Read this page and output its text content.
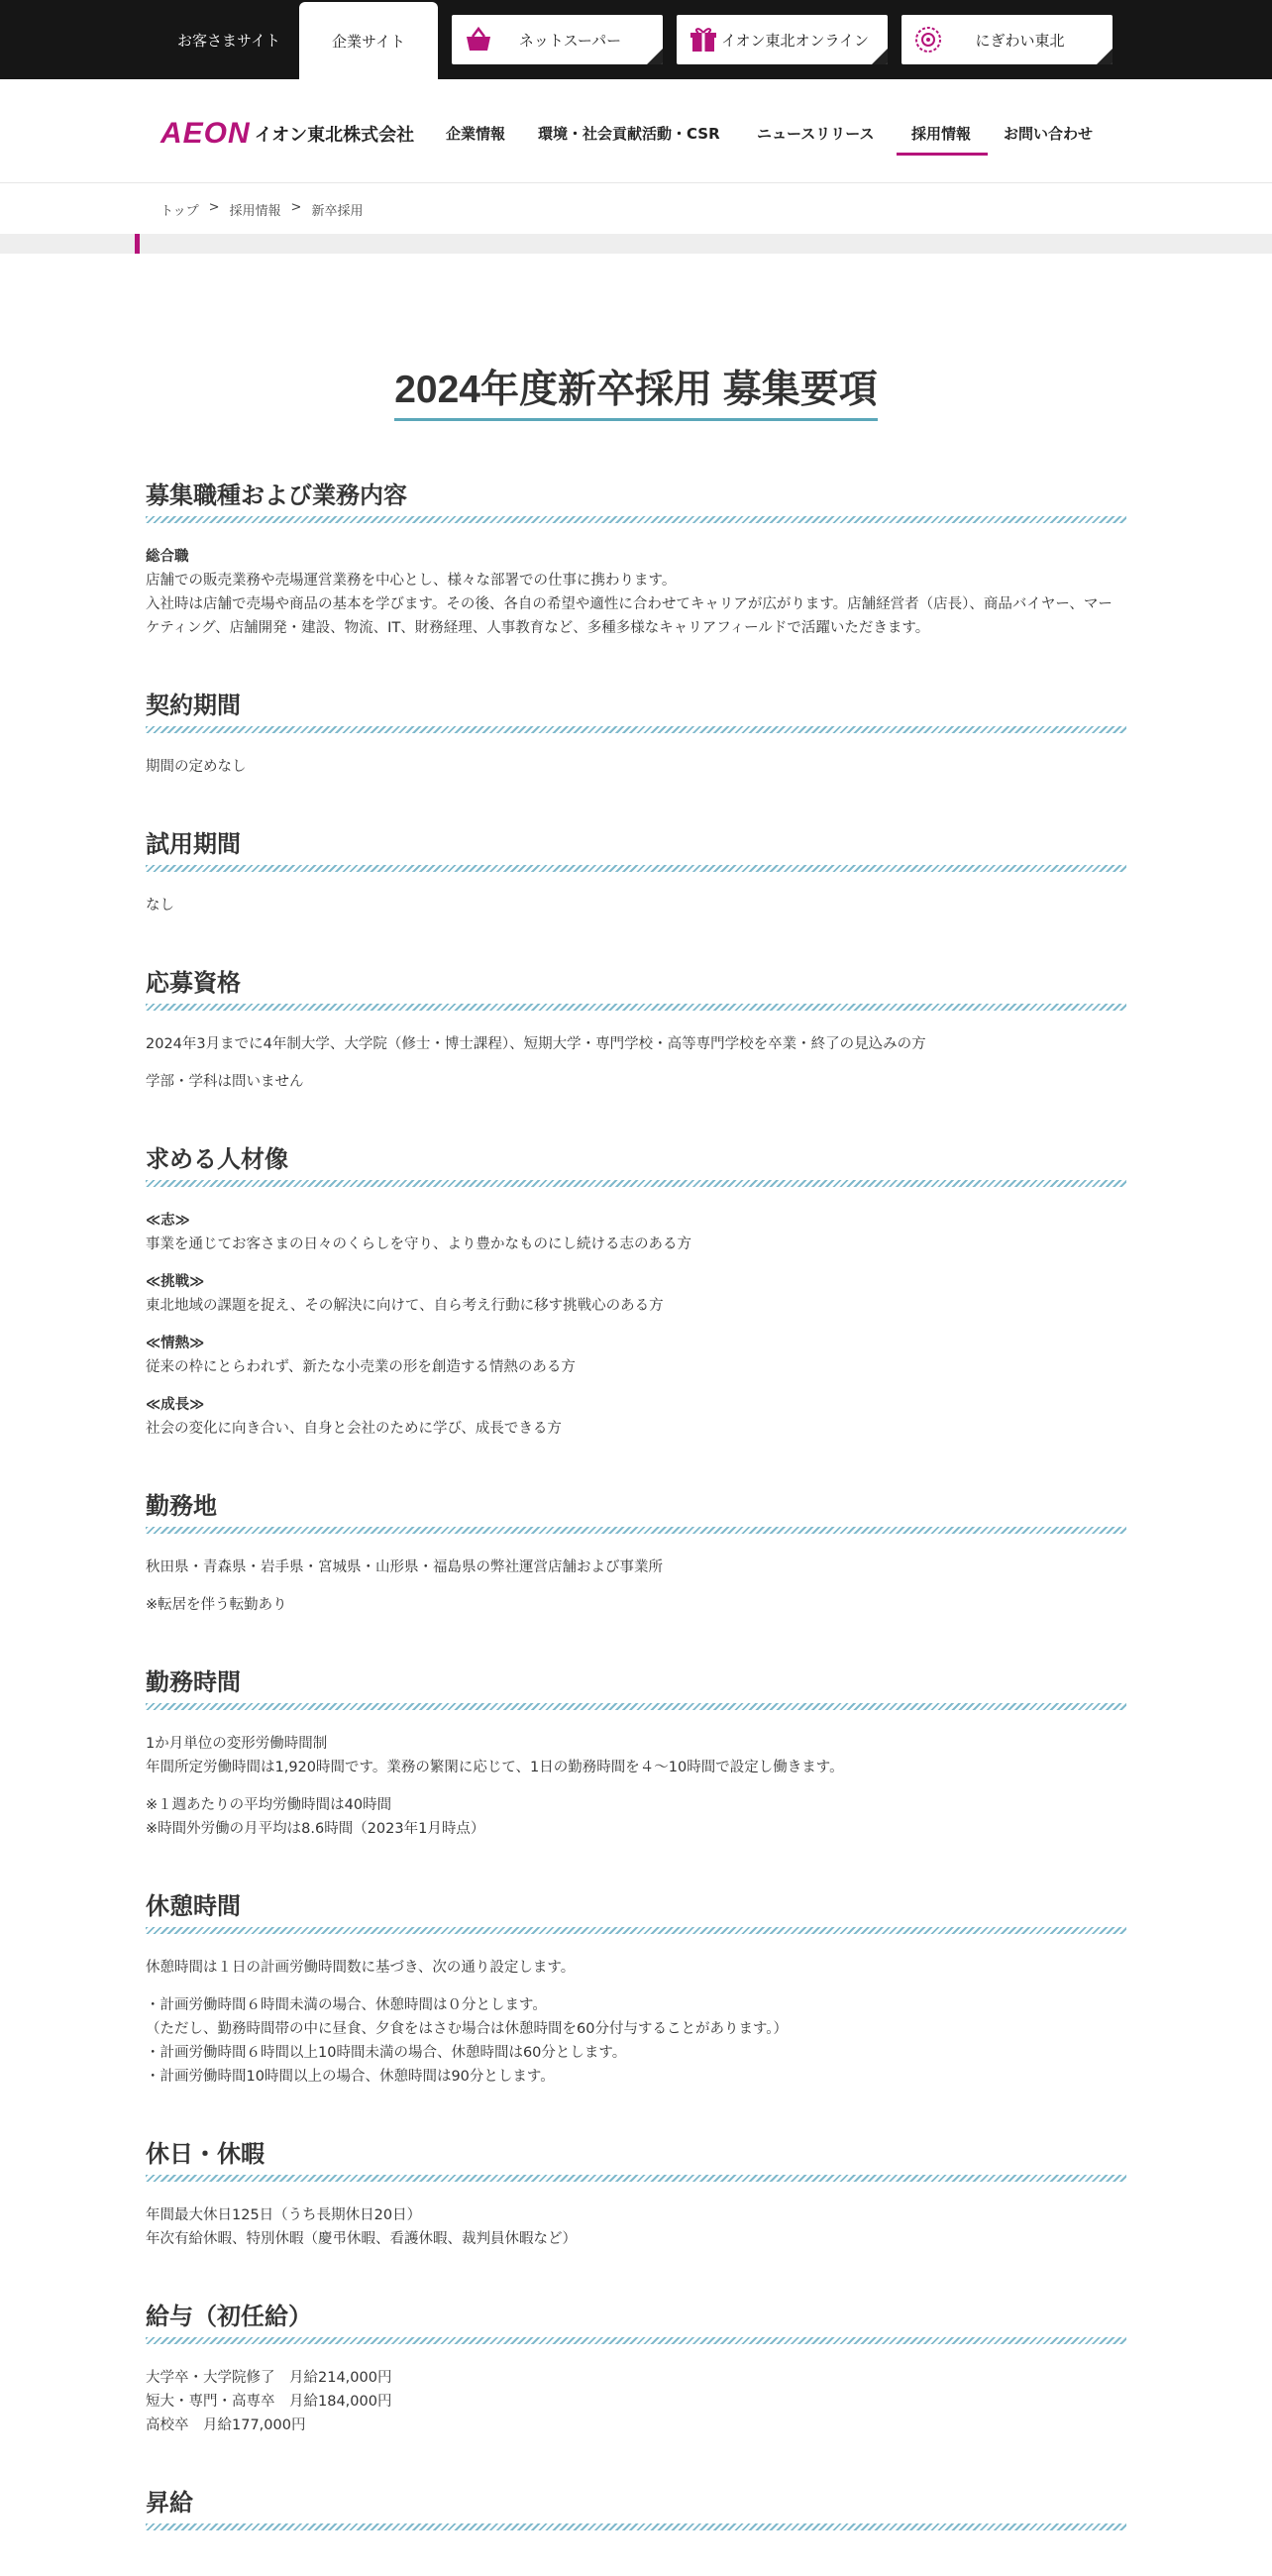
お客さまサイト	企業サイト	ネットスーパー	イオン東北オンライン	にぎわい東北
AEON イオン東北株式会社 企業情報 環境・社会貢献活動・CSR ニュースリリース 採用情報 お問い合わせ
トップ > 採用情報 > 新卒採用
2024年度新卒採用 募集要項
募集職種および業務内容
総合職
店舗での販売業務や売場運営業務を中心とし、様々な部署での仕事に携わります。
入社時は店舗で売場や商品の基本を学びます。その後、各自の希望や適性に合わせてキャリアが広がります。店舗経営者（店長）、商品バイヤー、マーケティング、店舗開発・建設、物流、IT、財務経理、人事教育など、多種多様なキャリアフィールドで活躍いただきます。
契約期間

期間の定めなし

試用期間

なし

応募資格

2024年3月までに4年制大学、大学院（修士・博士課程）、短期大学・専門学校・高等専門学校を卒業・終了の見込みの方

学部・学科は問いません

求める人材像
≪志≫
事業を通じてお客さまの日々のくらしを守り、より豊かなものにし続ける志のある方
≪挑戦≫
東北地域の課題を捉え、その解決に向けて、自ら考え行動に移す挑戦心のある方
≪情熱≫
従来の枠にとらわれず、新たな小売業の形を創造する情熱のある方
≪成長≫
社会の変化に向き合い、自身と会社のために学び、成長できる方
勤務地

秋田県・青森県・岩手県・宮城県・山形県・福島県の弊社運営店舗および事業所

※転居を伴う転勤あり

勤務時間
1か月単位の変形労働時間制
年間所定労働時間は1,920時間です。業務の繁閑に応じて、1日の勤務時間を４～10時間で設定し働きます。
※１週あたりの平均労働時間は40時間
※時間外労働の月平均は8.6時間（2023年1月時点）
休憩時間

休憩時間は１日の計画労働時間数に基づき、次の通り設定します。

・計画労働時間６時間未満の場合、休憩時間は０分とします。
（ただし、勤務時間帯の中に昼食、夕食をはさむ場合は休憩時間を60分付与することがあります。）
・計画労働時間６時間以上10時間未満の場合、休憩時間は60分とします。
・計画労働時間10時間以上の場合、休憩時間は90分とします。
休日・休暇
年間最大休日125日（うち長期休日20日）
年次有給休暇、特別休暇（慶弔休暇、看護休暇、裁判員休暇など）
給与（初任給）
大学卒・大学院修了　月給214,000円
短大・専門・高専卒　月給184,000円
高校卒　月給177,000円
昇給
